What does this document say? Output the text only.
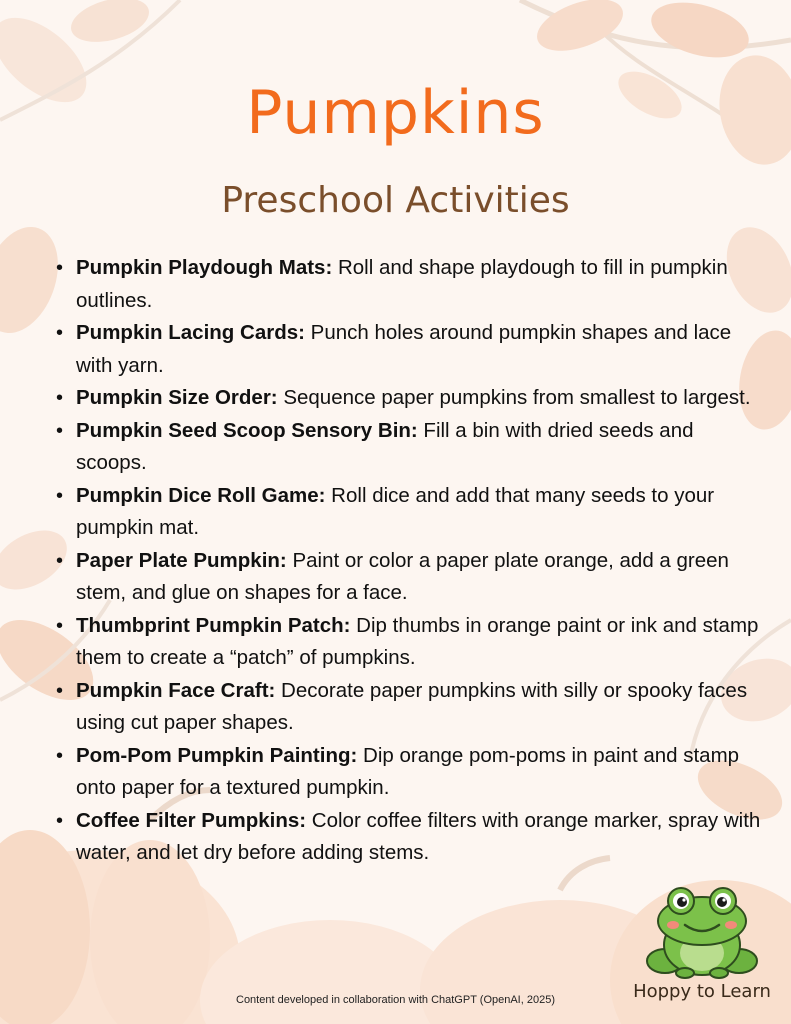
Pumpkins
Preschool Activities
• Pumpkin Playdough Mats: Roll and shape playdough to fill in pumpkin outlines.
• Pumpkin Lacing Cards: Punch holes around pumpkin shapes and lace with yarn.
• Pumpkin Size Order: Sequence paper pumpkins from smallest to largest.
• Pumpkin Seed Scoop Sensory Bin: Fill a bin with dried seeds and scoops.
• Pumpkin Dice Roll Game: Roll dice and add that many seeds to your pumpkin mat.
• Paper Plate Pumpkin: Paint or color a paper plate orange, add a green stem, and glue on shapes for a face.
• Thumbprint Pumpkin Patch: Dip thumbs in orange paint or ink and stamp them to create a “patch” of pumpkins.
• Pumpkin Face Craft: Decorate paper pumpkins with silly or spooky faces using cut paper shapes.
• Pom-Pom Pumpkin Painting: Dip orange pom-poms in paint and stamp onto paper for a textured pumpkin.
• Coffee Filter Pumpkins: Color coffee filters with orange marker, spray with water, and let dry before adding stems.
Hoppy to Learn
Content developed in collaboration with ChatGPT (OpenAI, 2025)
